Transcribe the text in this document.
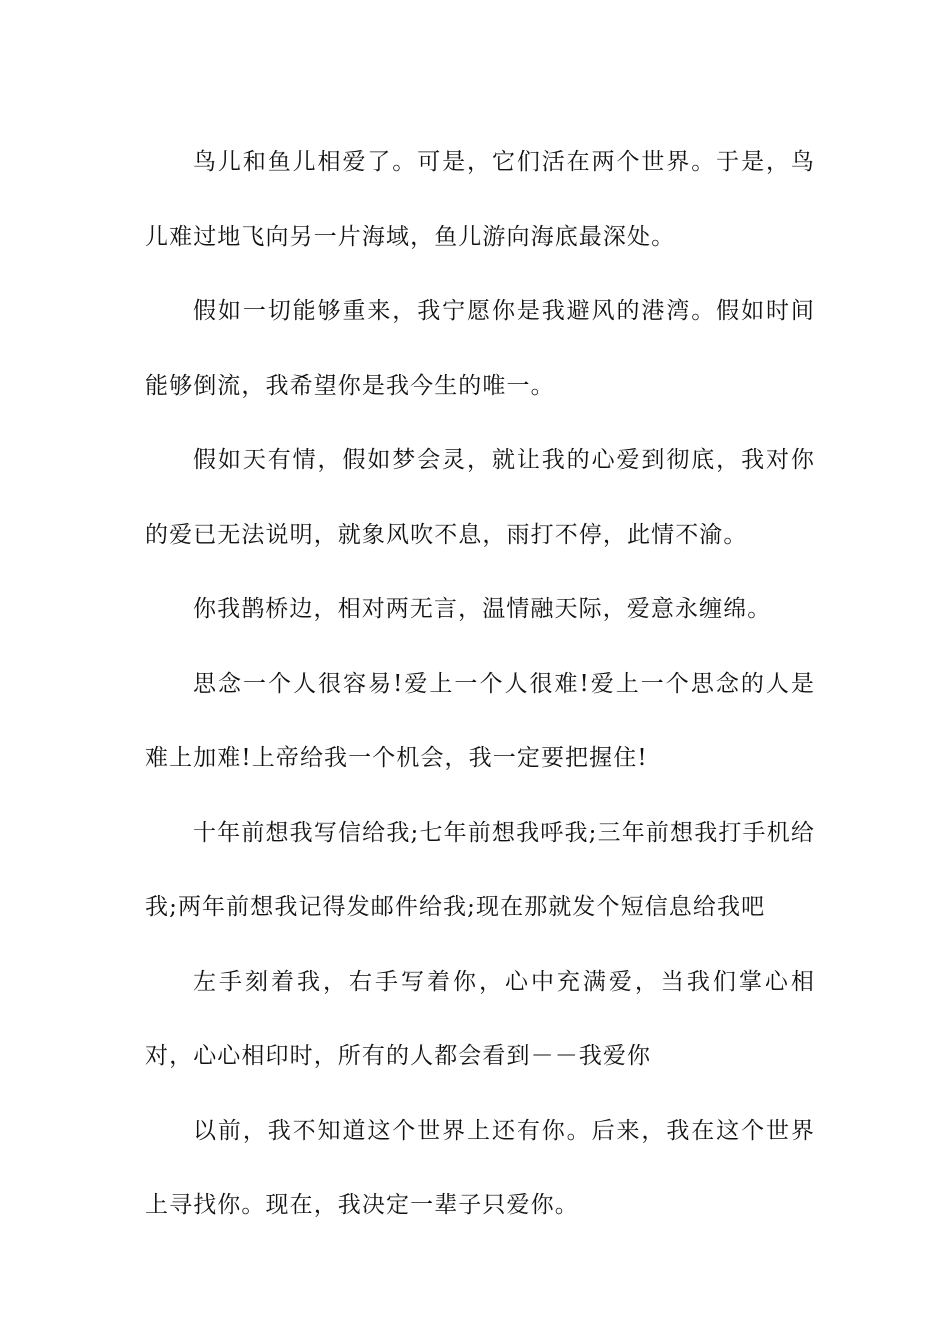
鸟儿和鱼儿相爱了。可是，它们活在两个世界。于是，鸟儿难过地飞向另一片海域，鱼儿游向海底最深处。

假如一切能够重来，我宁愿你是我避风的港湾。假如时间能够倒流，我希望你是我今生的唯一。

假如天有情，假如梦会灵，就让我的心爱到彻底，我对你的爱已无法说明，就象风吹不息，雨打不停，此情不渝。

你我鹊桥边，相对两无言，温情融天际，爱意永缠绵。

思念一个人很容易!爱上一个人很难!爱上一个思念的人是难上加难!上帝给我一个机会，我一定要把握住!

十年前想我写信给我;七年前想我呼我;三年前想我打手机给我;两年前想我记得发邮件给我;现在那就发个短信息给我吧

左手刻着我，右手写着你，心中充满爱，当我们掌心相对，心心相印时，所有的人都会看到－－我爱你

以前，我不知道这个世界上还有你。后来，我在这个世界上寻找你。现在，我决定一辈子只爱你。
